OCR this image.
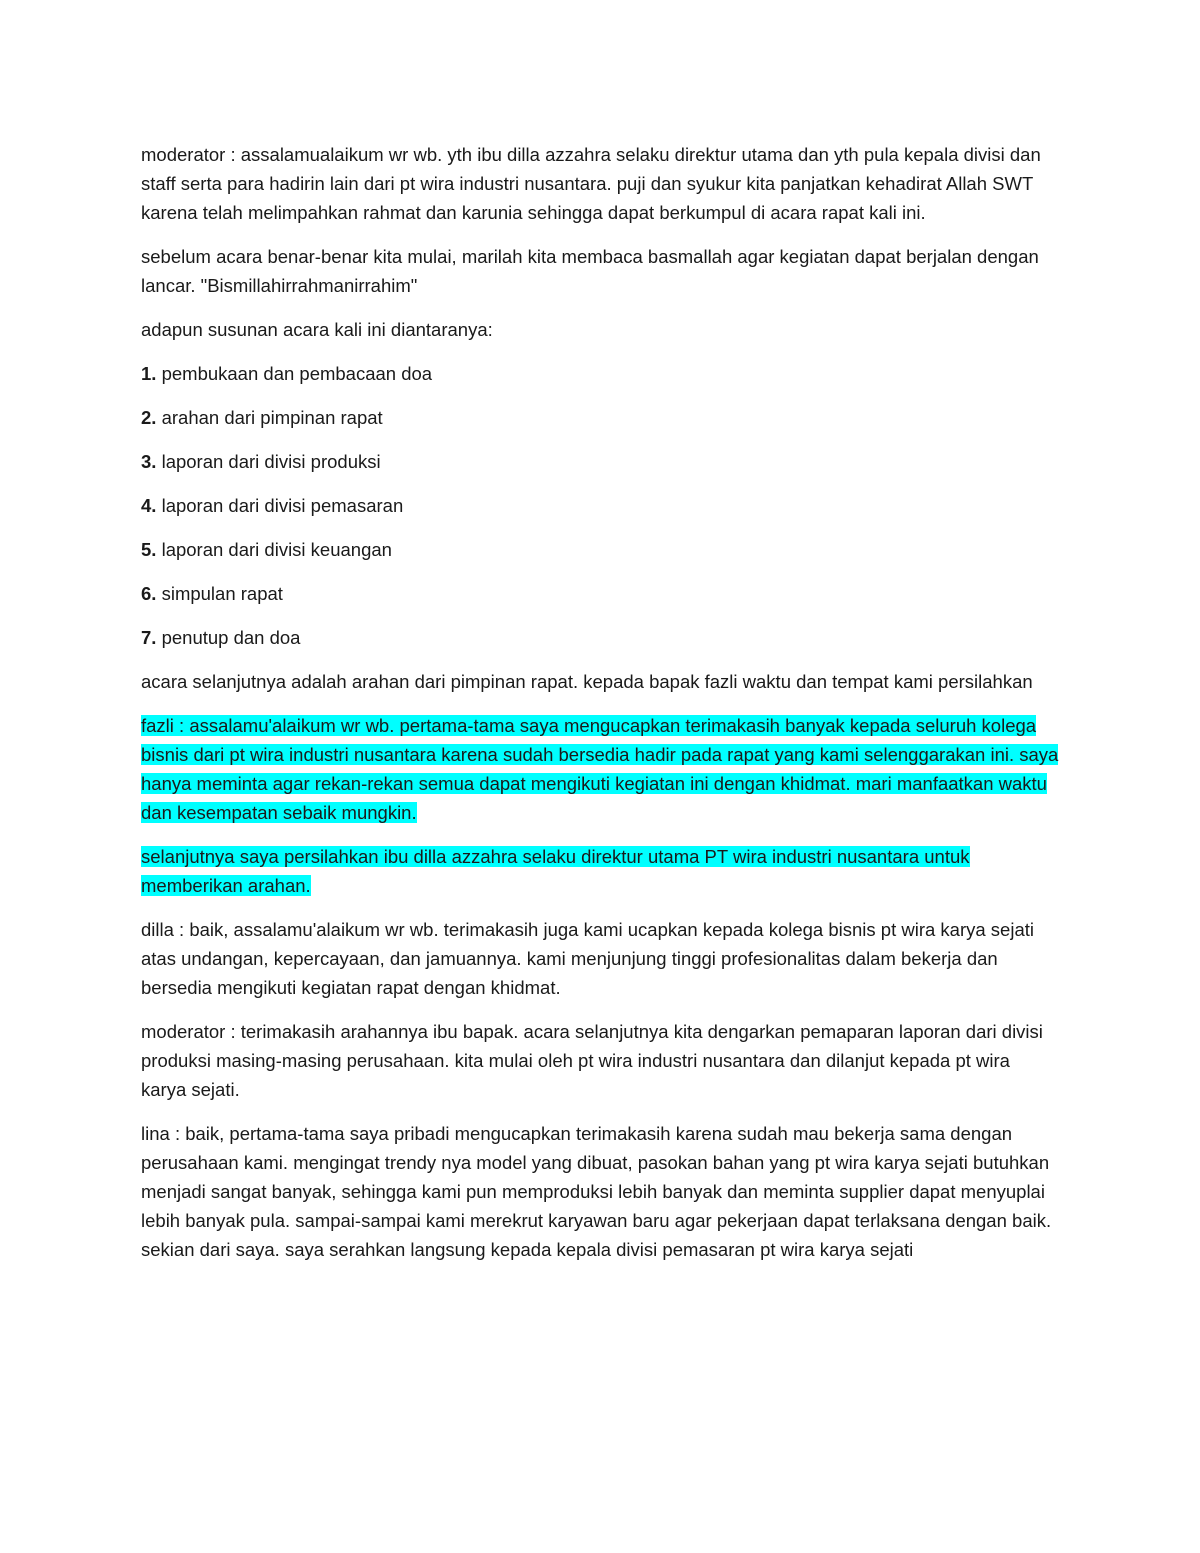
moderator : assalamualaikum wr wb. yth ibu dilla azzahra selaku direktur utama dan yth pula kepala divisi dan staff serta para hadirin lain dari pt wira industri nusantara. puji dan syukur kita panjatkan kehadirat Allah SWT karena telah melimpahkan rahmat dan karunia sehingga dapat berkumpul di acara rapat kali ini.

sebelum acara benar-benar kita mulai, marilah kita membaca basmallah agar kegiatan dapat berjalan dengan lancar. "Bismillahirrahmanirrahim"

adapun susunan acara kali ini diantaranya:

1. pembukaan dan pembacaan doa

2. arahan dari pimpinan rapat

3. laporan dari divisi produksi

4. laporan dari divisi pemasaran

5. laporan dari divisi keuangan

6. simpulan rapat

7. penutup dan doa

acara selanjutnya adalah arahan dari pimpinan rapat. kepada bapak fazli waktu dan tempat kami persilahkan

fazli : assalamu'alaikum wr wb. pertama-tama saya mengucapkan terimakasih banyak kepada seluruh kolega bisnis dari pt wira industri nusantara karena sudah bersedia hadir pada rapat yang kami selenggarakan ini. saya hanya meminta agar rekan-rekan semua dapat mengikuti kegiatan ini dengan khidmat. mari manfaatkan waktu dan kesempatan sebaik mungkin.

selanjutnya saya persilahkan ibu dilla azzahra selaku direktur utama PT wira industri nusantara untuk memberikan arahan.

dilla : baik, assalamu'alaikum wr wb. terimakasih juga kami ucapkan kepada kolega bisnis pt wira karya sejati atas undangan, kepercayaan, dan jamuannya. kami menjunjung tinggi profesionalitas dalam bekerja dan bersedia mengikuti kegiatan rapat dengan khidmat.

moderator : terimakasih arahannya ibu bapak. acara selanjutnya kita dengarkan pemaparan laporan dari divisi produksi masing-masing perusahaan. kita mulai oleh pt wira industri nusantara dan dilanjut kepada pt wira karya sejati.

lina : baik, pertama-tama saya pribadi mengucapkan terimakasih karena sudah mau bekerja sama dengan perusahaan kami. mengingat trendy nya model yang dibuat, pasokan bahan yang pt wira karya sejati butuhkan menjadi sangat banyak, sehingga kami pun memproduksi lebih banyak dan meminta supplier dapat menyuplai lebih banyak pula. sampai-sampai kami merekrut karyawan baru agar pekerjaan dapat terlaksana dengan baik. sekian dari saya. saya serahkan langsung kepada kepala divisi pemasaran pt wira karya sejati
